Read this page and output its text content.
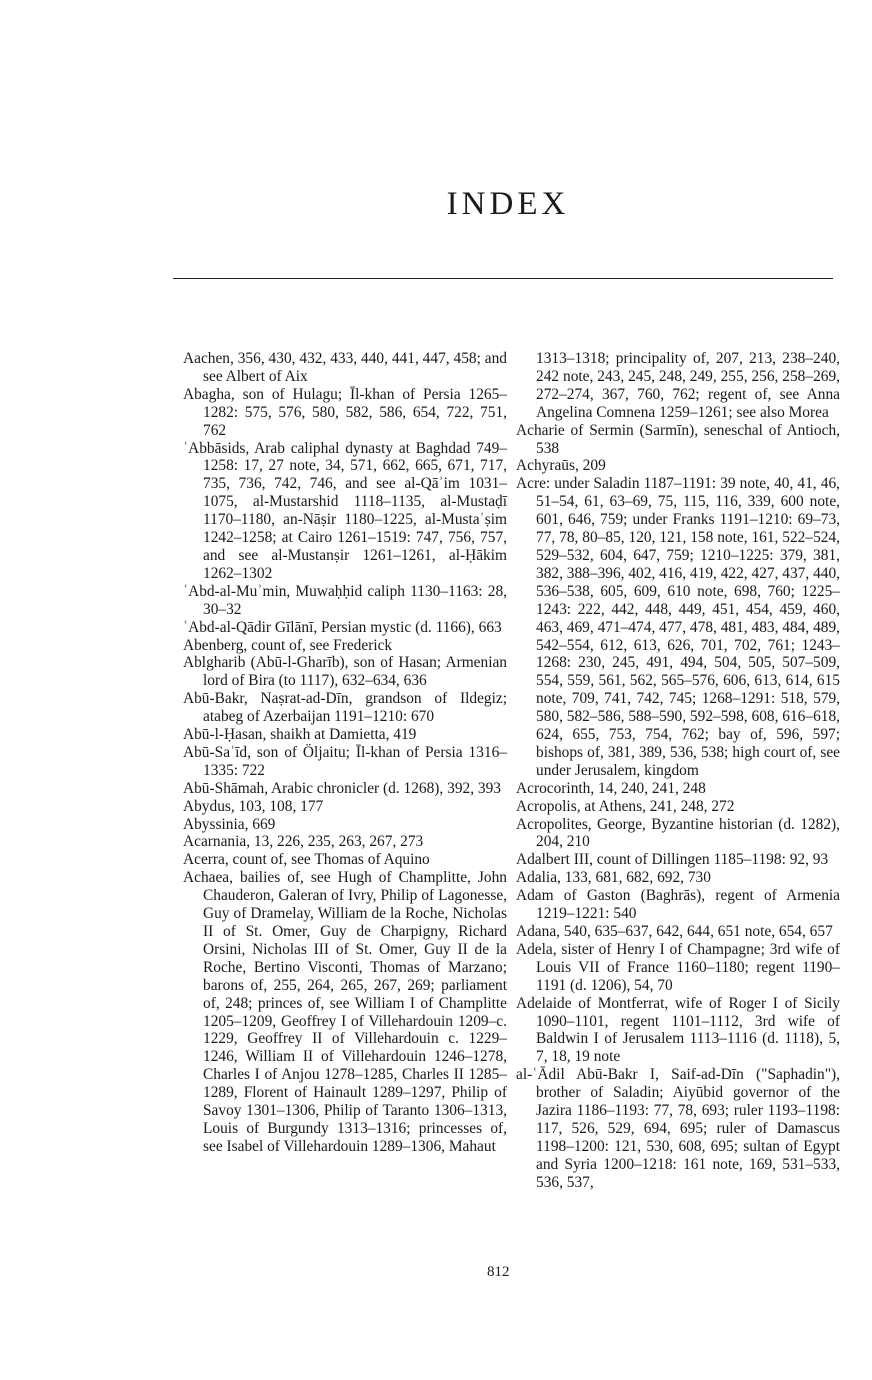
INDEX

Aachen, 356, 430, 432, 433, 440, 441, 447, 458; and see Albert of Aix

Abagha, son of Hulagu; Īl-khan of Persia 1265–1282: 575, 576, 580, 582, 586, 654, 722, 751, 762

ʿAbbāsids, Arab caliphal dynasty at Baghdad 749–1258: 17, 27 note, 34, 571, 662, 665, 671, 717, 735, 736, 742, 746, and see al-Qāʾim 1031–1075, al-Mustarshid 1118–1135, al-Mustaḍī 1170–1180, an-Nāṣir 1180–1225, al-Mustaʿṣim 1242–1258; at Cairo 1261–1519: 747, 756, 757, and see al-Mustanṣir 1261–1261, al-Ḥākim 1262–1302

ʿAbd-al-Muʾmin, Muwaḥḥid caliph 1130–1163: 28, 30–32

ʿAbd-al-Qādir Gīlānī, Persian mystic (d. 1166), 663

Abenberg, count of, see Frederick

Ablgharib (Abū-l-Gharīb), son of Hasan; Armenian lord of Bira (to 1117), 632–634, 636

Abū-Bakr, Naṣrat-ad-Dīn, grandson of Ildegiz; atabeg of Azerbaijan 1191–1210: 670

Abū-l-Ḥasan, shaikh at Damietta, 419

Abū-Saʿīd, son of Öljaitu; Īl-khan of Persia 1316–1335: 722

Abū-Shāmah, Arabic chronicler (d. 1268), 392, 393

Abydus, 103, 108, 177

Abyssinia, 669

Acarnania, 13, 226, 235, 263, 267, 273

Acerra, count of, see Thomas of Aquino

Achaea, bailies of, see Hugh of Champlitte, John Chauderon, Galeran of Ivry, Philip of Lagonesse, Guy of Dramelay, William de la Roche, Nicholas II of St. Omer, Guy de Charpigny, Richard Orsini, Nicholas III of St. Omer, Guy II de la Roche, Bertino Visconti, Thomas of Marzano; barons of, 255, 264, 265, 267, 269; parliament of, 248; princes of, see William I of Champlitte 1205–1209, Geoffrey I of Villehardouin 1209–c. 1229, Geoffrey II of Villehardouin c. 1229–1246, William II of Villehardouin 1246–1278, Charles I of Anjou 1278–1285, Charles II 1285–1289, Florent of Hainault 1289–1297, Philip of Savoy 1301–1306, Philip of Taranto 1306–1313, Louis of Burgundy 1313–1316; princesses of, see Isabel of Villehardouin 1289–1306, Mahaut

1313–1318; principality of, 207, 213, 238–240, 242 note, 243, 245, 248, 249, 255, 256, 258–269, 272–274, 367, 760, 762; regent of, see Anna Angelina Comnena 1259–1261; see also Morea

Acharie of Sermin (Sarmīn), seneschal of Antioch, 538

Achyraūs, 209

Acre: under Saladin 1187–1191: 39 note, 40, 41, 46, 51–54, 61, 63–69, 75, 115, 116, 339, 600 note, 601, 646, 759; under Franks 1191–1210: 69–73, 77, 78, 80–85, 120, 121, 158 note, 161, 522–524, 529–532, 604, 647, 759; 1210–1225: 379, 381, 382, 388–396, 402, 416, 419, 422, 427, 437, 440, 536–538, 605, 609, 610 note, 698, 760; 1225–1243: 222, 442, 448, 449, 451, 454, 459, 460, 463, 469, 471–474, 477, 478, 481, 483, 484, 489, 542–554, 612, 613, 626, 701, 702, 761; 1243–1268: 230, 245, 491, 494, 504, 505, 507–509, 554, 559, 561, 562, 565–576, 606, 613, 614, 615 note, 709, 741, 742, 745; 1268–1291: 518, 579, 580, 582–586, 588–590, 592–598, 608, 616–618, 624, 655, 753, 754, 762; bay of, 596, 597; bishops of, 381, 389, 536, 538; high court of, see under Jerusalem, kingdom

Acrocorinth, 14, 240, 241, 248

Acropolis, at Athens, 241, 248, 272

Acropolites, George, Byzantine historian (d. 1282), 204, 210

Adalbert III, count of Dillingen 1185–1198: 92, 93

Adalia, 133, 681, 682, 692, 730

Adam of Gaston (Baghrās), regent of Armenia 1219–1221: 540

Adana, 540, 635–637, 642, 644, 651 note, 654, 657

Adela, sister of Henry I of Champagne; 3rd wife of Louis VII of France 1160–1180; regent 1190–1191 (d. 1206), 54, 70

Adelaide of Montferrat, wife of Roger I of Sicily 1090–1101, regent 1101–1112, 3rd wife of Baldwin I of Jerusalem 1113–1116 (d. 1118), 5, 7, 18, 19 note

al-ʿĀdil Abū-Bakr I, Saif-ad-Dīn ("Saphadin"), brother of Saladin; Aiyūbid governor of the Jazira 1186–1193: 77, 78, 693; ruler 1193–1198: 117, 526, 529, 694, 695; ruler of Damascus 1198–1200: 121, 530, 608, 695; sultan of Egypt and Syria 1200–1218: 161 note, 169, 531–533, 536, 537,

812
